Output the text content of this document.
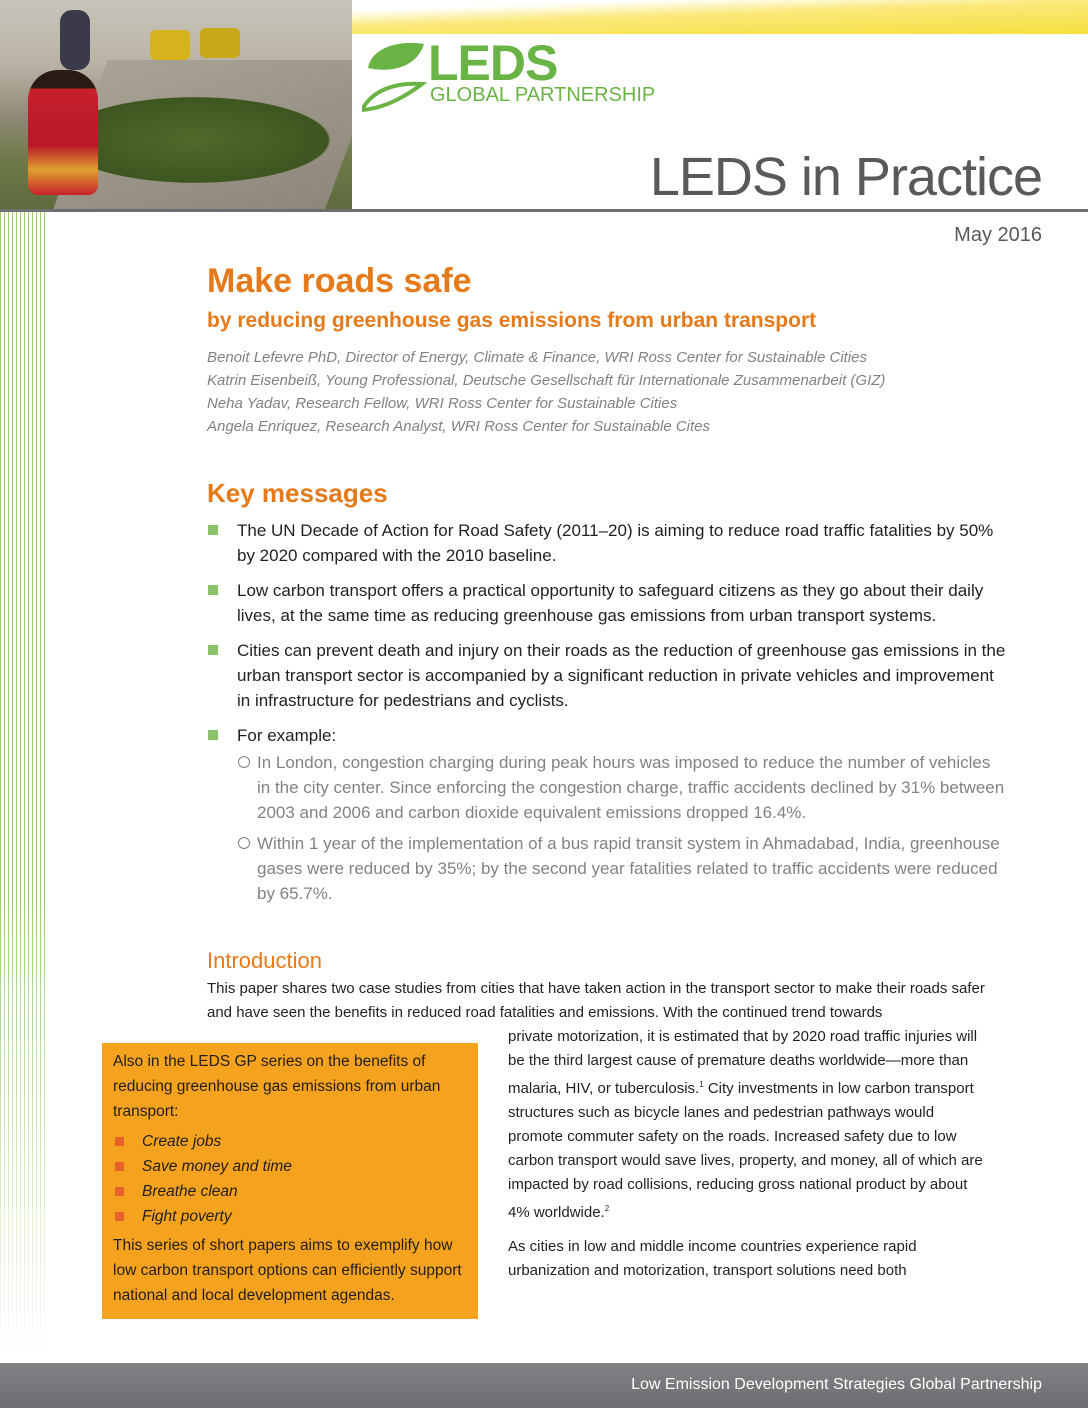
LEDS
GLOBAL PARTNERSHIP
LEDS in Practice
May 2016
Make roads safe
by reducing greenhouse gas emissions from urban transport
Benoit Lefevre PhD, Director of Energy, Climate & Finance, WRI Ross Center for Sustainable Cities
Katrin Eisenbeiß, Young Professional, Deutsche Gesellschaft für Internationale Zusammenarbeit (GIZ)
Neha Yadav, Research Fellow, WRI Ross Center for Sustainable Cities
Angela Enriquez, Research Analyst, WRI Ross Center for Sustainable Cites
Key messages
The UN Decade of Action for Road Safety (2011–20) is aiming to reduce road traffic fatalities by 50% by 2020 compared with the 2010 baseline.
Low carbon transport offers a practical opportunity to safeguard citizens as they go about their daily lives, at the same time as reducing greenhouse gas emissions from urban transport systems.
Cities can prevent death and injury on their roads as the reduction of greenhouse gas emissions in the urban transport sector is accompanied by a significant reduction in private vehicles and improvement in infrastructure for pedestrians and cyclists.
For example:
In London, congestion charging during peak hours was imposed to reduce the number of vehicles in the city center. Since enforcing the congestion charge, traffic accidents declined by 31% between 2003 and 2006 and carbon dioxide equivalent emissions dropped 16.4%.
Within 1 year of the implementation of a bus rapid transit system in Ahmadabad, India, greenhouse gases were reduced by 35%; by the second year fatalities related to traffic accidents were reduced by 65.7%.
Introduction
This paper shares two case studies from cities that have taken action in the transport sector to make their roads safer and have seen the benefits in reduced road fatalities and emissions. With the continued trend towards

private motorization, it is estimated that by 2020 road traffic injuries will be the third largest cause of premature deaths worldwide—more than malaria, HIV, or tuberculosis.$^1$ City investments in low carbon transport structures such as bicycle lanes and pedestrian pathways would promote commuter safety on the roads. Increased safety due to low carbon transport would save lives, property, and money, all of which are impacted by road collisions, reducing gross national product by about 4% worldwide.$^2$

As cities in low and middle income countries experience rapid urbanization and motorization, transport solutions need both

Also in the LEDS GP series on the benefits of reducing greenhouse gas emissions from urban transport:
Create jobs
Save money and time
Breathe clean
Fight poverty
This series of short papers aims to exemplify how low carbon transport options can efficiently support national and local development agendas.
Low Emission Development Strategies Global Partnership
